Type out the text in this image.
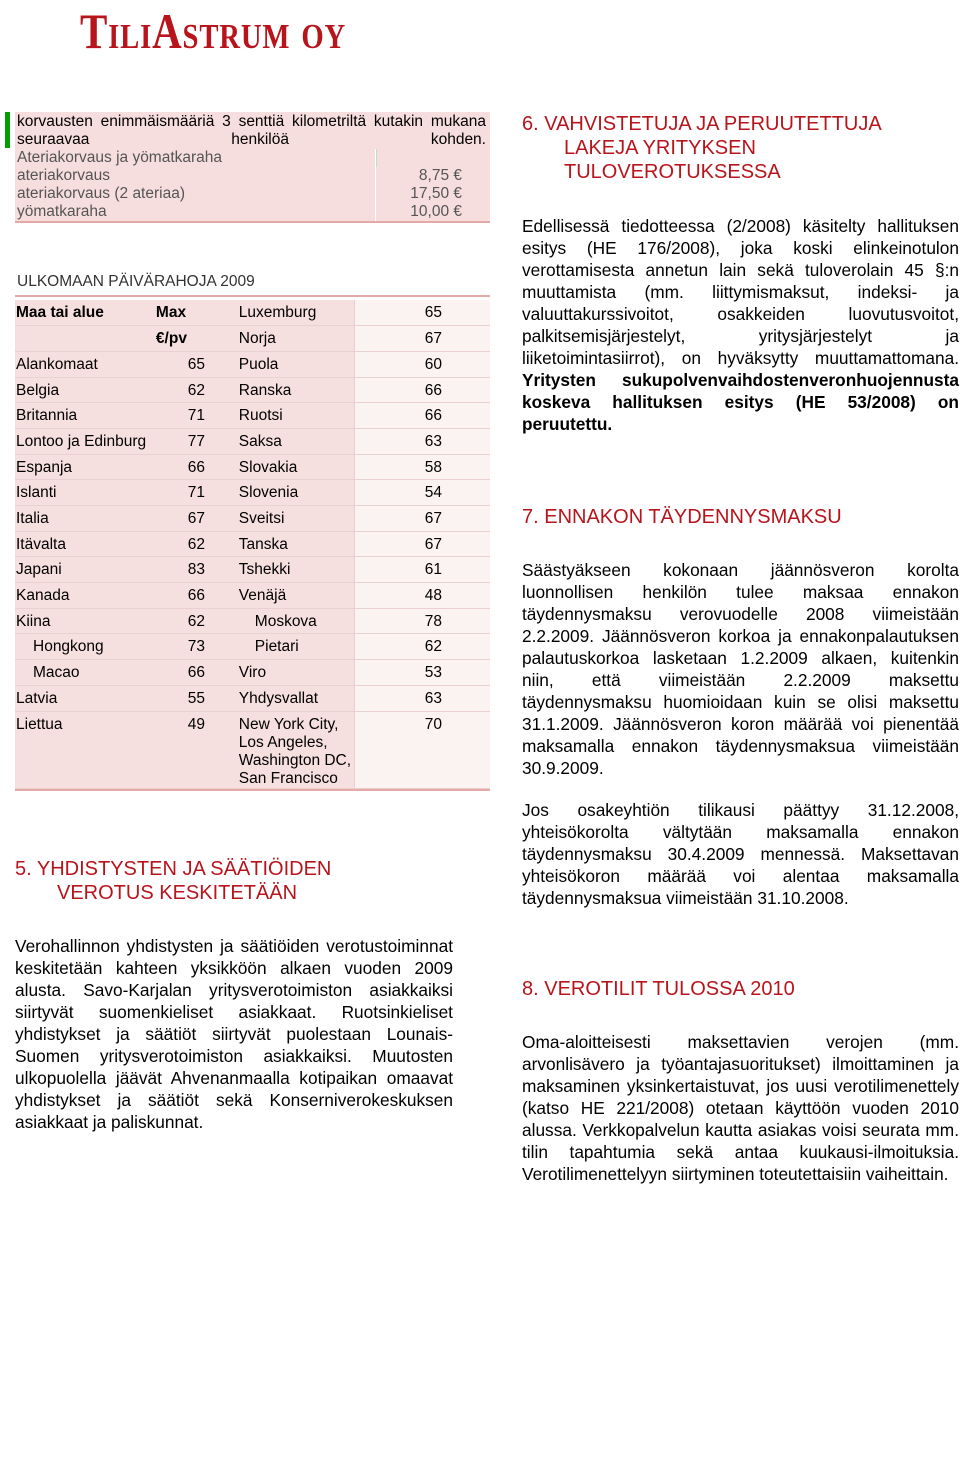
TiliAstrum oy
korvausten enimmäismääriä 3 senttiä kilometriltä kutakin mukana seuraavaa henkilöä kohden.
Ateriakorvaus ja yömatkaraha
ateriakorvaus	8,75 €
ateriakorvaus (2 ateriaa)	17,50 €
yömatkaraha	10,00 €
ULKOMAAN PÄIVÄRAHOJA 2009
Maa tai alue	Max	Luxemburg	65
	€/pv	Norja	67
Alankomaat	65	Puola	60
Belgia	62	Ranska	66
Britannia	71	Ruotsi	66
Lontoo ja Edinburg	77	Saksa	63
Espanja	66	Slovakia	58
Islanti	71	Slovenia	54
Italia	67	Sveitsi	67
Itävalta	62	Tanska	67
Japani	83	Tshekki	61
Kanada	66	Venäjä	48
Kiina	62	Moskova	78
Hongkong	73	Pietari	62
Macao	66	Viro	53
Latvia	55	Yhdysvallat	63
Liettua	49	New York City, Los Angeles, Washington DC, San Francisco	70
5. YHDISTYSTEN JA SÄÄTIÖIDEN
VEROTUS KESKITETÄÄN

Verohallinnon yhdistysten ja säätiöiden verotustoiminnat keskitetään kahteen yksikköön alkaen vuoden 2009 alusta. Savo-Karjalan yritysverotoimiston asiakkaiksi siirtyvät suomenkieliset asiakkaat. Ruotsinkieliset yhdistykset ja säätiöt siirtyvät puolestaan Lounais-Suomen yritysverotoimiston asiakkaiksi. Muutosten ulkopuolella jäävät Ahvenanmaalla kotipaikan omaavat yhdistykset ja säätiöt sekä Konserniverokeskuksen asiakkaat ja paliskunnat.

6. VAHVISTETUJA JA PERUUTETTUJA
LAKEJA YRITYKSEN
TULOVEROTUKSESSA

Edellisessä tiedotteessa (2/2008) käsitelty hallituksen esitys (HE 176/2008), joka koski elinkeinotulon verottamisesta annetun lain sekä tuloverolain 45 §:n muuttamista (mm. liittymismaksut, indeksi- ja valuuttakurssivoitot, osakkeiden luovutusvoitot, palkitsemisjärjestelyt, yritysjärjestelyt ja liiketoimintasiirrot), on hyväksytty muuttamattomana. Yritysten sukupolvenvaihdostenveronhuojennusta koskeva hallituksen esitys (HE 53/2008) on peruutettu.

7. ENNAKON TÄYDENNYSMAKSU

Säästyäkseen kokonaan jäännösveron korolta luonnollisen henkilön tulee maksaa ennakon täydennysmaksu verovuodelle 2008 viimeistään 2.2.2009. Jäännösveron korkoa ja ennakonpalautuksen palautuskorkoa lasketaan 1.2.2009 alkaen, kuitenkin niin, että viimeistään 2.2.2009 maksettu täydennysmaksu huomioidaan kuin se olisi maksettu 31.1.2009. Jäännösveron koron määrää voi pienentää maksamalla ennakon täydennysmaksua viimeistään 30.9.2009.

Jos osakeyhtiön tilikausi päättyy 31.12.2008, yhteisökorolta vältytään maksamalla ennakon täydennysmaksu 30.4.2009 mennessä. Maksettavan yhteisökoron määrää voi alentaa maksamalla täydennysmaksua viimeistään 31.10.2008.

8. VEROTILIT TULOSSA 2010

Oma-aloitteisesti maksettavien verojen (mm. arvonlisävero ja työantajasuoritukset) ilmoittaminen ja maksaminen yksinkertaistuvat, jos uusi verotilimenettely (katso HE 221/2008) otetaan käyttöön vuoden 2010 alussa. Verkkopalvelun kautta asiakas voisi seurata mm. tilin tapahtumia sekä antaa kuukausi-ilmoituksia. Verotilimenettelyyn siirtyminen toteutettaisiin vaiheittain.
